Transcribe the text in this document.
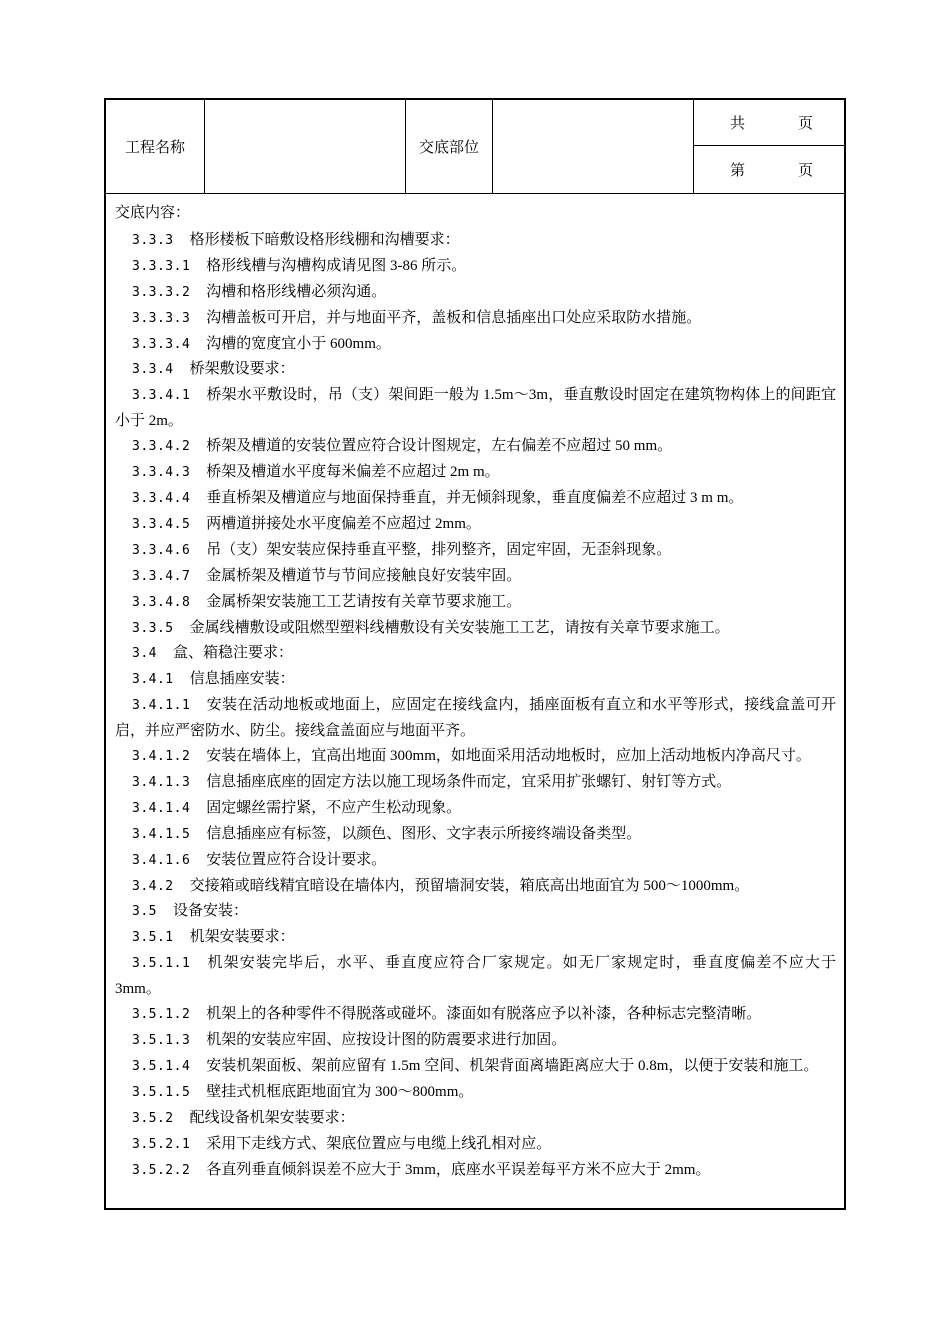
工程名称	交底部位
共	页
第	页

交底内容：

3.3.3 格形楼板下暗敷设格形线棚和沟槽要求：

3.3.3.1 格形线槽与沟槽构成请见图 3-86 所示。

3.3.3.2 沟槽和格形线槽必须沟通。

3.3.3.3 沟槽盖板可开启，并与地面平齐，盖板和信息插座出口处应采取防水措施。

3.3.3.4 沟槽的宽度宜小于 600mm。

3.3.4 桥架敷设要求：

3.3.4.1 桥架水平敷设时，吊（支）架间距一般为 1.5m～3m，垂直敷设时固定在建筑物构体上的间距宜小于 2m。

3.3.4.2 桥架及槽道的安装位置应符合设计图规定，左右偏差不应超过 50 mm。

3.3.4.3 桥架及槽道水平度每米偏差不应超过 2m m。

3.3.4.4 垂直桥架及槽道应与地面保持垂直，并无倾斜现象，垂直度偏差不应超过 3 m m。

3.3.4.5 两槽道拼接处水平度偏差不应超过 2mm。

3.3.4.6 吊（支）架安装应保持垂直平整，排列整齐，固定牢固，无歪斜现象。

3.3.4.7 金属桥架及槽道节与节间应接触良好安装牢固。

3.3.4.8 金属桥架安装施工工艺请按有关章节要求施工。

3.3.5 金属线槽敷设或阻燃型塑料线槽敷设有关安装施工工艺，请按有关章节要求施工。

3.4 盒、箱稳注要求：

3.4.1 信息插座安装：

3.4.1.1 安装在活动地板或地面上，应固定在接线盒内，插座面板有直立和水平等形式，接线盒盖可开启，并应严密防水、防尘。接线盒盖面应与地面平齐。

3.4.1.2 安装在墙体上，宜高出地面 300mm，如地面采用活动地板时，应加上活动地板内净高尺寸。

3.4.1.3 信息插座底座的固定方法以施工现场条件而定，宜采用扩张螺钉、射钉等方式。

3.4.1.4 固定螺丝需拧紧，不应产生松动现象。

3.4.1.5 信息插座应有标签，以颜色、图形、文字表示所接终端设备类型。

3.4.1.6 安装位置应符合设计要求。

3.4.2 交接箱或暗线精宜暗设在墙体内，预留墙洞安装，箱底高出地面宜为 500～1000mm。

3.5 设备安装：

3.5.1 机架安装要求：

3.5.1.1 机架安装完毕后，水平、垂直度应符合厂家规定。如无厂家规定时，垂直度偏差不应大于 3mm。

3.5.1.2 机架上的各种零件不得脱落或碰坏。漆面如有脱落应予以补漆，各种标志完整清晰。

3.5.1.3 机架的安装应牢固、应按设计图的防震要求进行加固。

3.5.1.4 安装机架面板、架前应留有 1.5m 空间、机架背面离墙距离应大于 0.8m，以便于安装和施工。

3.5.1.5 壁挂式机框底距地面宜为 300～800mm。

3.5.2 配线设备机架安装要求：

3.5.2.1 采用下走线方式、架底位置应与电缆上线孔相对应。

3.5.2.2 各直列垂直倾斜误差不应大于 3mm，底座水平误差每平方米不应大于 2mm。
